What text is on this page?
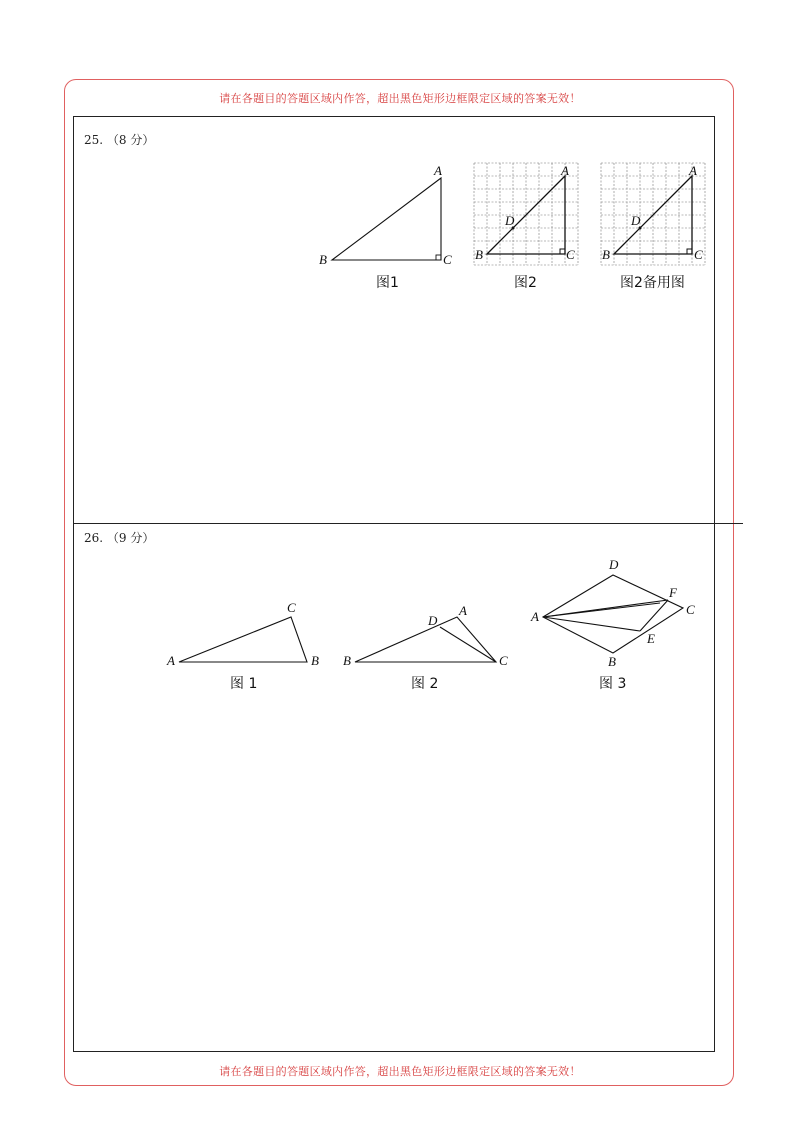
请在各题目的答题区域内作答，超出黑色矩形边框限定区域的答案无效！
请在各题目的答题区域内作答，超出黑色矩形边框限定区域的答案无效！
25. （8 分）
26. （9 分）
A
B	C
图1
A
B	C
D
图2
A
B	C
D
图2备用图
C
A	B
图 1
A
D
B	C
图 2
D
A
F
C
E
B
图 3
